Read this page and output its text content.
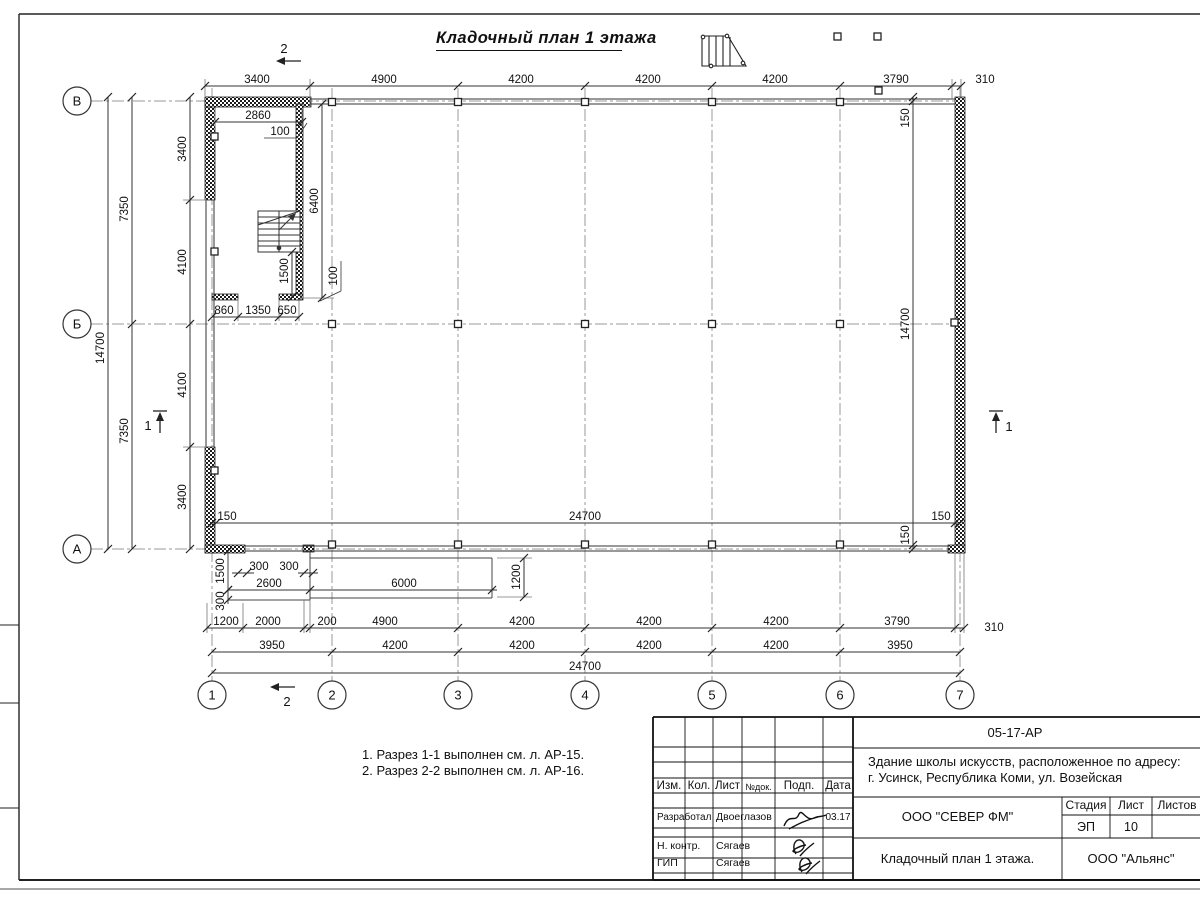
3400	4900	4200	4200	4200	3790	310
2860
100
6400
1500	100
860 1350 650
14700
7350
7350
3400
4100
4100
3400
150
14700
150
150	24700	150
300 300
2600	6000	1200
1500
300
1200 2000	200	4900	4200	4200	4200	3790	310
3950	4200	4200	4200	4200	3950
24700
2
2
1	1
В
Б
А
1	2	3	4	5	6	7
Кладочный план 1 этажа
1. Разрез 1-1 выполнен см. л. АР-15.
2. Разрез 2-2 выполнен см. л. АР-16.
05-17-АР
Здание школы искусств, расположенное по адресу:
г. Усинск, Республика Коми, ул. Возейская
ООО "СЕВЕР ФМ"
Кладочный план 1 этажа.	ООО "Альянс"
Стадия Лист	Листов
ЭП	10
Изм. Кол. Лист №док.	Подп. Дата
Разработал Двоеглазов	03.17
Н. контр. Сягаев
ГИП	Сягаев
